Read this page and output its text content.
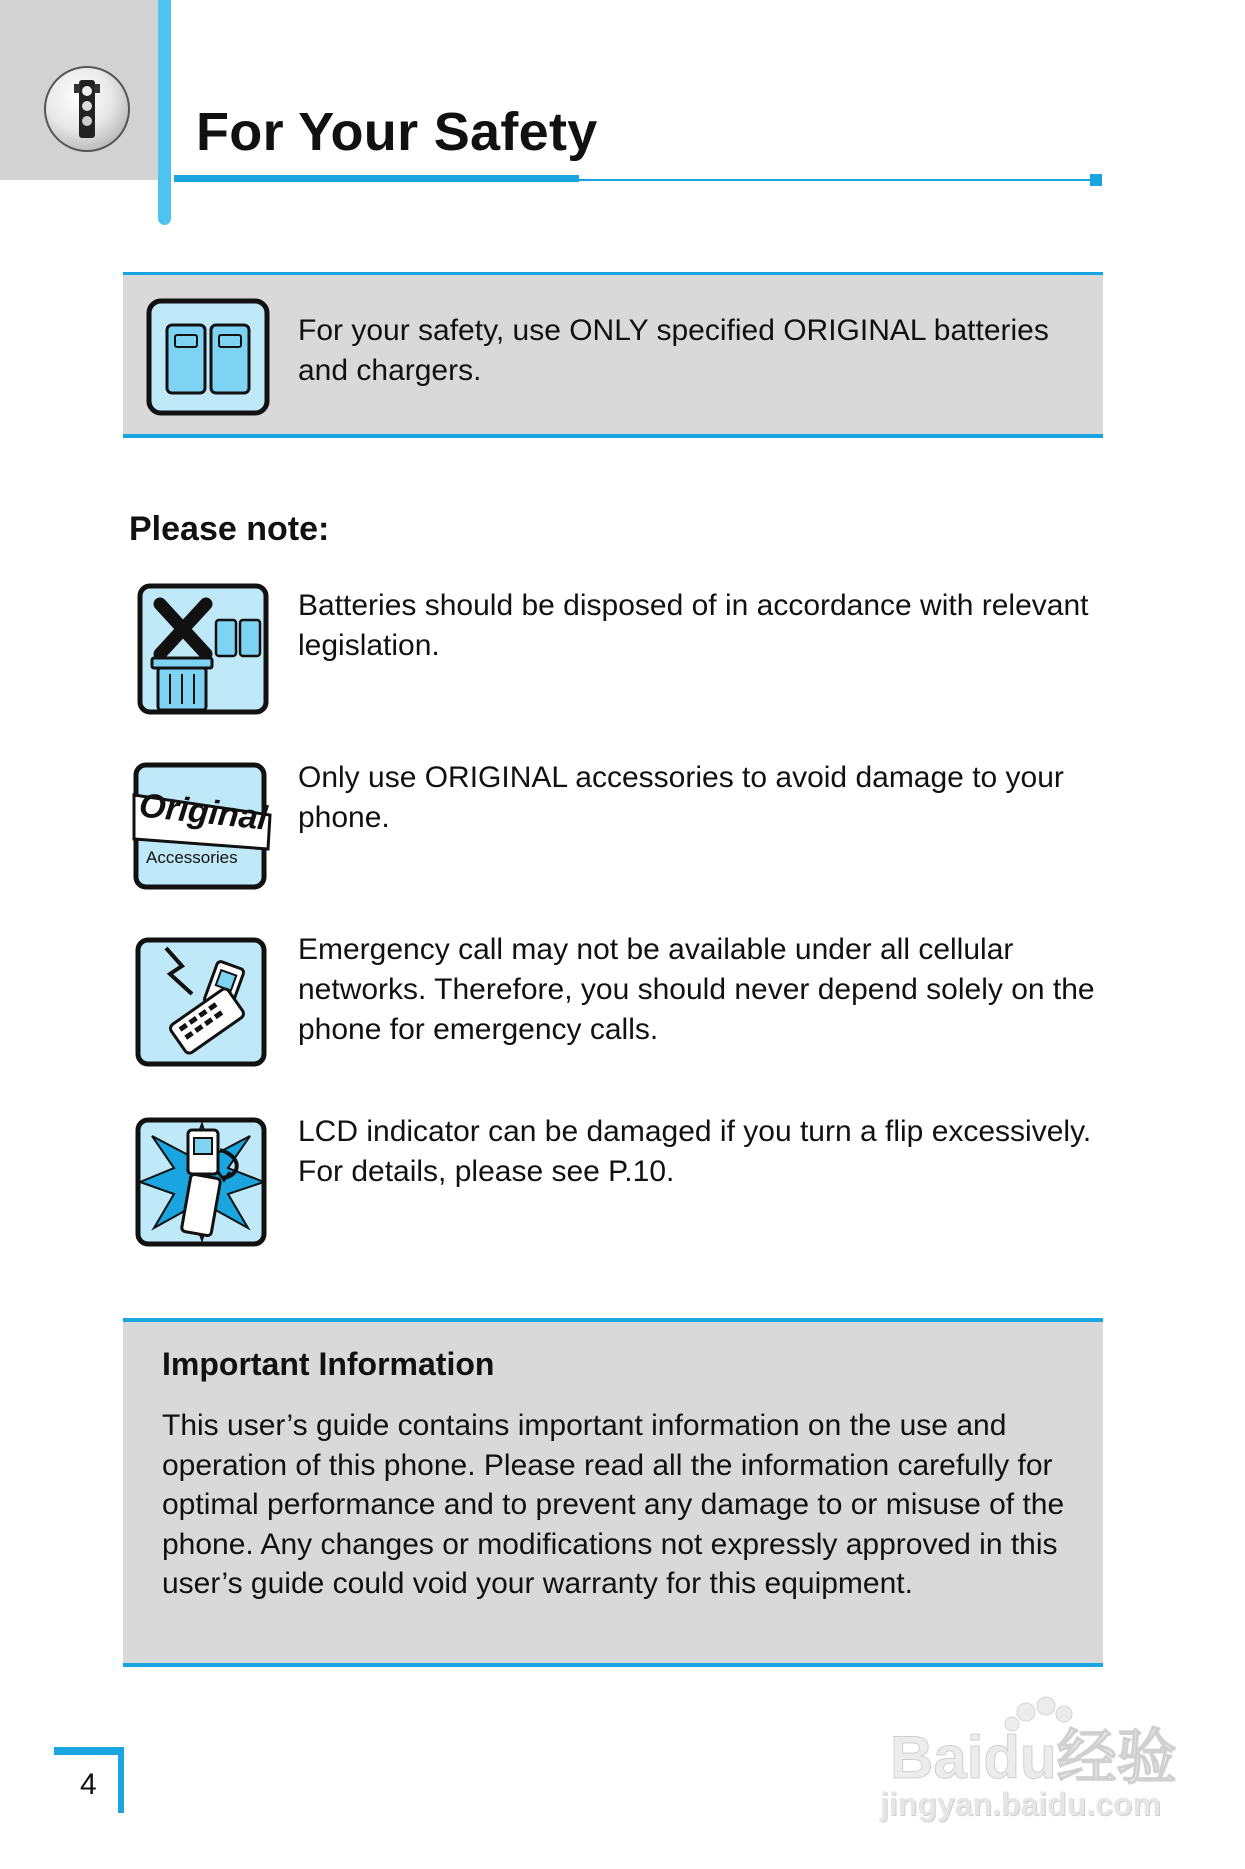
For Your Safety

For your safety, use ONLY specified ORIGINAL batteries and chargers.

Please note:

Batteries should be disposed of in accordance with relevant legislation.

Original
Accessories

Only use ORIGINAL accessories to avoid damage to your phone.

Emergency call may not be available under all cellular networks. Therefore, you should never depend solely on the phone for emergency calls.

LCD indicator can be damaged if you turn a flip excessively. For details, please see P.10.

Important Information

This user’s guide contains important information on the use and operation of this phone. Please read all the information carefully for optimal performance and to prevent any damage to or misuse of the phone. Any changes or modifications not expressly approved in this user’s guide could void your warranty for this equipment.

4	Baidu经验

jingyan.baidu.com
